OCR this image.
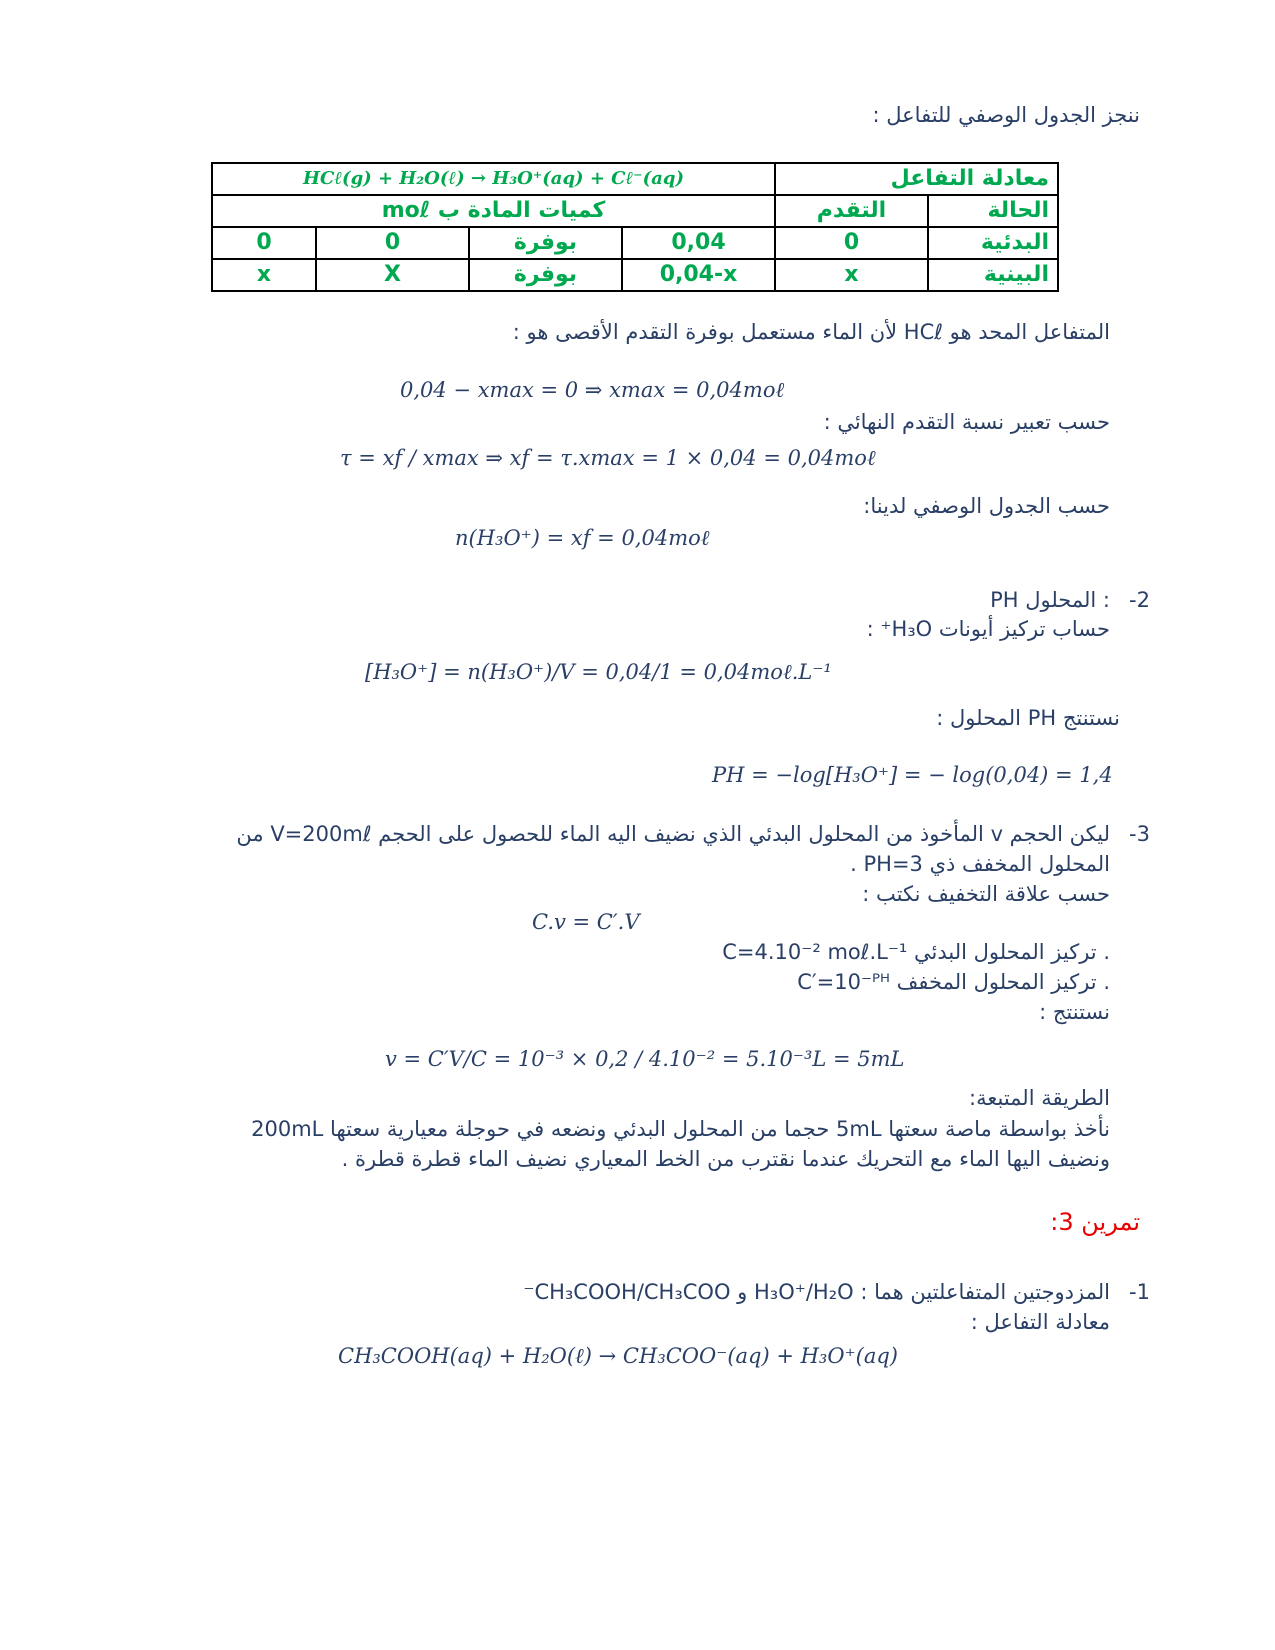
ننجز الجدول الوصفي للتفاعل :
HCℓ(g) + H₂O(ℓ) → H₃O⁺(aq) + Cℓ⁻(aq)				معادلة التفاعل	
كميات المادة ب moℓ				التقدم	الحالة
0	0	بوفرة	0,04	0	البدئية
x	X	بوفرة	0,04-x	x	البينية
المتفاعل المحد هو HCℓ لأن الماء مستعمل بوفرة التقدم الأقصى هو :
0,04 − xmax = 0 ⇒ xmax = 0,04moℓ
حسب تعبير نسبة التقدم النهائي :
τ = xf / xmax ⇒ xf = τ.xmax = 1 × 0,04 = 0,04moℓ
حسب الجدول الوصفي لدينا:
n(H₃O⁺) = xf = 0,04moℓ
-2
PH المحلول :
حساب تركيز أيونات H₃O⁺ :
[H₃O⁺] = n(H₃O⁺)/V = 0,04/1 = 0,04moℓ.L⁻¹
نستنتج PH المحلول :
PH = −log[H₃O⁺] = − log(0,04) = 1,4
-3
ليكن الحجم v المأخوذ من المحلول البدئي الذي نضيف اليه الماء للحصول على الحجم V=200mℓ من
المحلول المخفف ذي PH=3 .
حسب علاقة التخفيف نكتب :
C.v = C′.V
C=4.10⁻² moℓ.L⁻¹ تركيز المحلول البدئي .
C′=10⁻ᴾᴴ تركيز المحلول المخفف .
نستنتج :
v = C′V/C = 10⁻³ × 0,2 / 4.10⁻² = 5.10⁻³L = 5mL
الطريقة المتبعة:
نأخذ بواسطة ماصة سعتها 5mL حجما من المحلول البدئي ونضعه في حوجلة معيارية سعتها 200mL
ونضيف اليها الماء مع التحريك عندما نقترب من الخط المعياري نضيف الماء قطرة قطرة .
تمرين 3:
-1
المزدوجتين المتفاعلتين هما : H₃O⁺/H₂O و CH₃COOH/CH₃COO⁻
معادلة التفاعل :
CH₃COOH(aq) + H₂O(ℓ) → CH₃COO⁻(aq) + H₃O⁺(aq)
